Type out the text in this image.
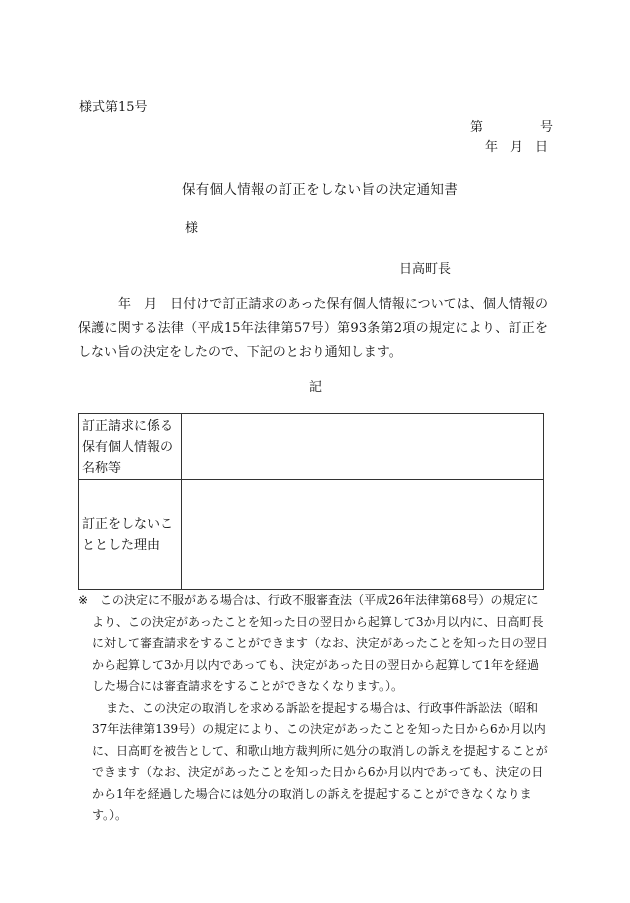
様式第15号
第	号
年 月 日
保有個人情報の訂正をしない旨の決定通知書
様
日高町長
年　月　日付けで訂正請求のあった保有個人情報については、個人情報の保護に関する法律（平成15年法律第57号）第93条第2項の規定により、訂正をしない旨の決定をしたので、下記のとおり通知します。
記
訂正請求に係る保有個人情報の名称等	
訂正をしないこととした理由	

※ この決定に不服がある場合は、行政不服審査法（平成26年法律第68号）の規定により、この決定があったことを知った日の翌日から起算して3か月以内に、日高町長に対して審査請求をすることができます（なお、決定があったことを知った日の翌日から起算して3か月以内であっても、決定があった日の翌日から起算して1年を経過した場合には審査請求をすることができなくなります。）。

また、この決定の取消しを求める訴訟を提起する場合は、行政事件訴訟法（昭和37年法律第139号）の規定により、この決定があったことを知った日から6か月以内に、日高町を被告として、和歌山地方裁判所に処分の取消しの訴えを提起することができます（なお、決定があったことを知った日から6か月以内であっても、決定の日から1年を経過した場合には処分の取消しの訴えを提起することができなくなります。）。
